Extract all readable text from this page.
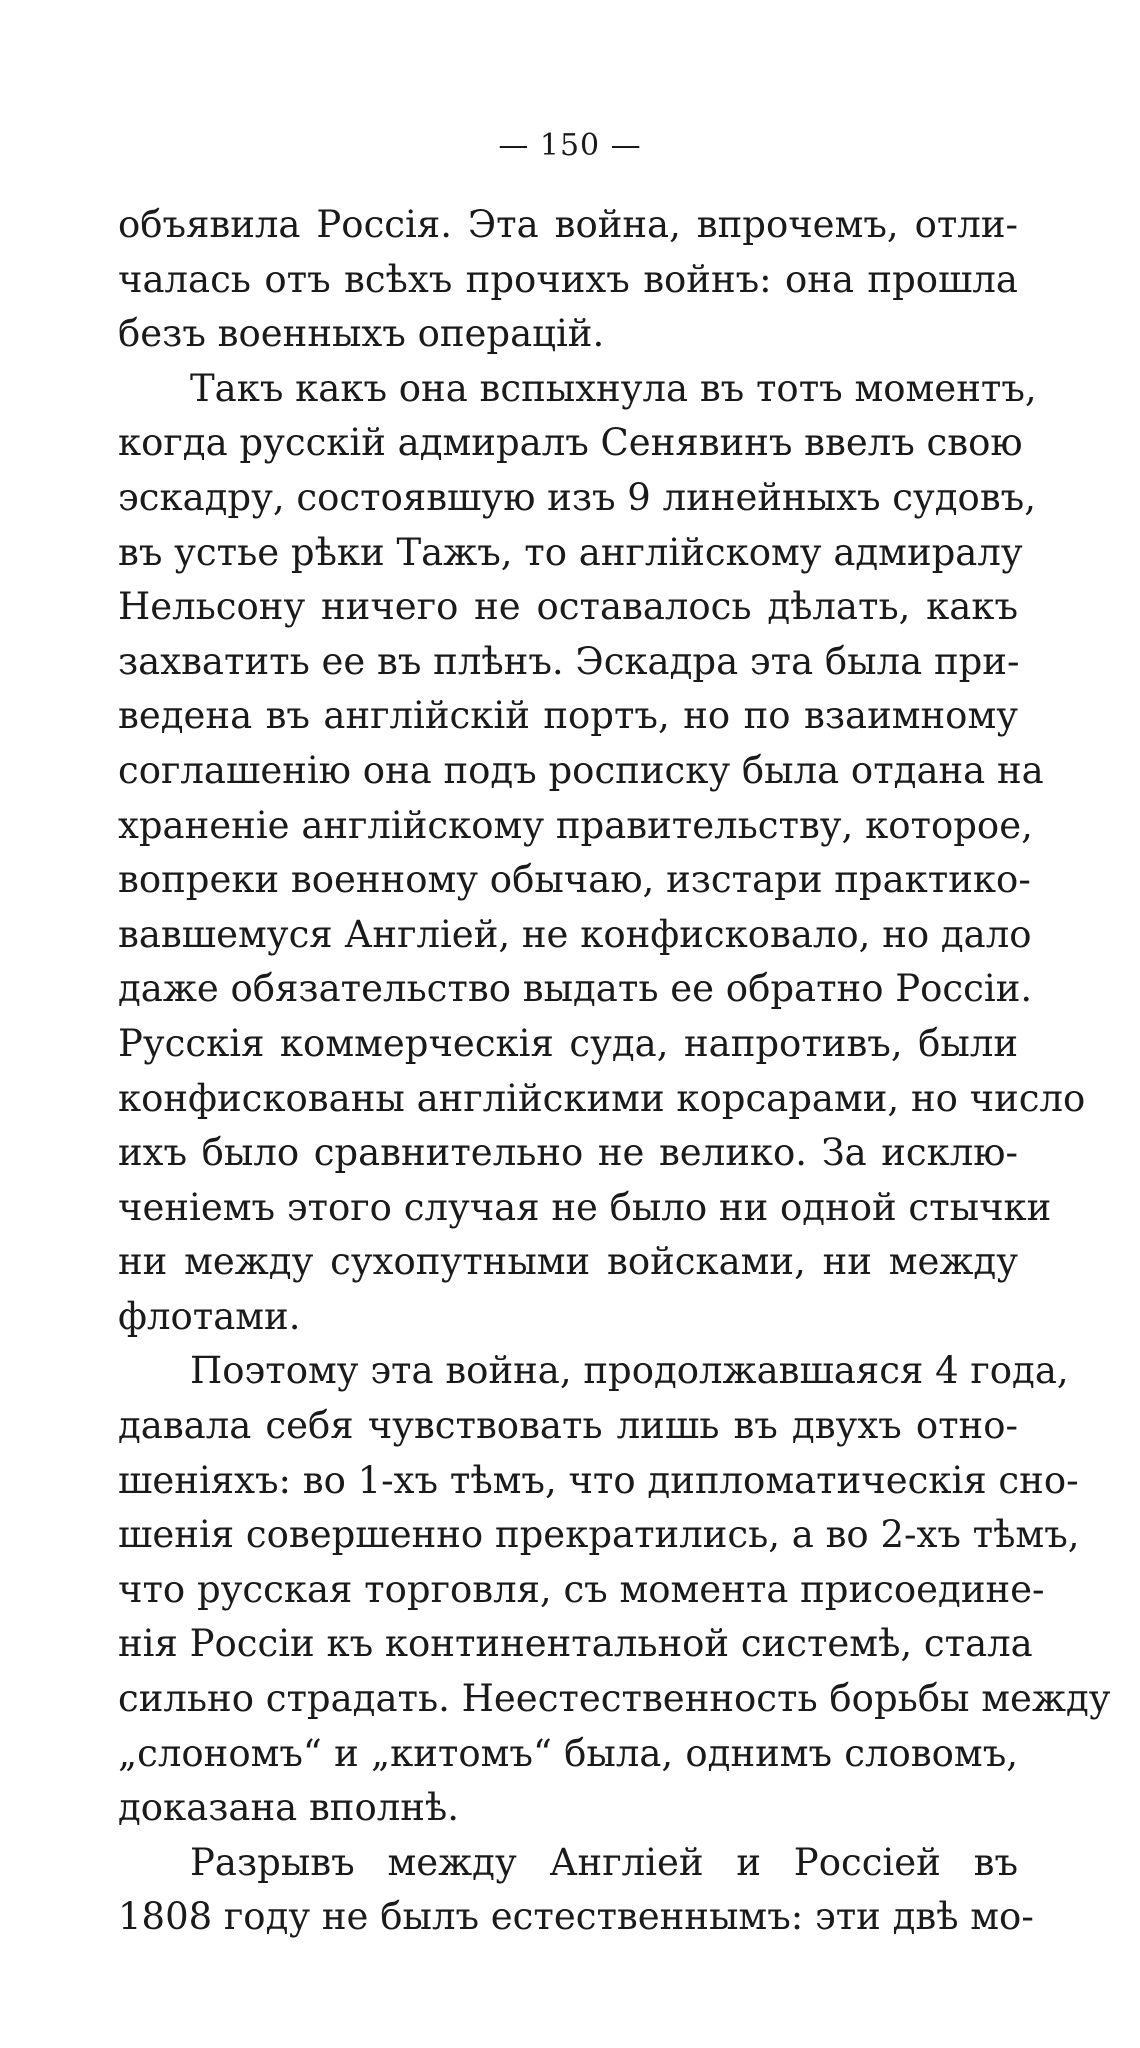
— 150 —
объявила Россія. Эта война, впрочемъ, отли-
чалась отъ всѣхъ прочихъ войнъ: она прошла
безъ военныхъ операцій.
Такъ какъ она вспыхнула въ тотъ моментъ,
когда русскій адмиралъ Сенявинъ ввелъ свою
эскадру, состоявшую изъ 9 линейныхъ судовъ,
въ устье рѣки Тажъ, то англійскому адмиралу
Нельсону ничего не оставалось дѣлать, какъ
захватить ее въ плѣнъ. Эскадра эта была при-
ведена въ англійскій портъ, но по взаимному
соглашенію она подъ росписку была отдана на
храненіе англійскому правительству, которое,
вопреки военному обычаю, изстари практико-
вавшемуся Англіей, не конфисковало, но дало
даже обязательство выдать ее обратно Россіи.
Русскія коммерческія суда, напротивъ, были
конфискованы англійскими корсарами, но число
ихъ было сравнительно не велико. За исклю-
ченіемъ этого случая не было ни одной стычки
ни между сухопутными войсками, ни между
флотами.
Поэтому эта война, продолжавшаяся 4 года,
давала себя чувствовать лишь въ двухъ отно-
шеніяхъ: во 1-хъ тѣмъ, что дипломатическія сно-
шенія совершенно прекратились, а во 2-хъ тѣмъ,
что русская торговля, съ момента присоедине-
нія Россіи къ континентальной системѣ, стала
сильно страдать. Неестественность борьбы между
„слономъ“ и „китомъ“ была, однимъ словомъ,
доказана вполнѣ.
Разрывъ между Англіей и Россіей въ
1808 году не былъ естественнымъ: эти двѣ мо-
